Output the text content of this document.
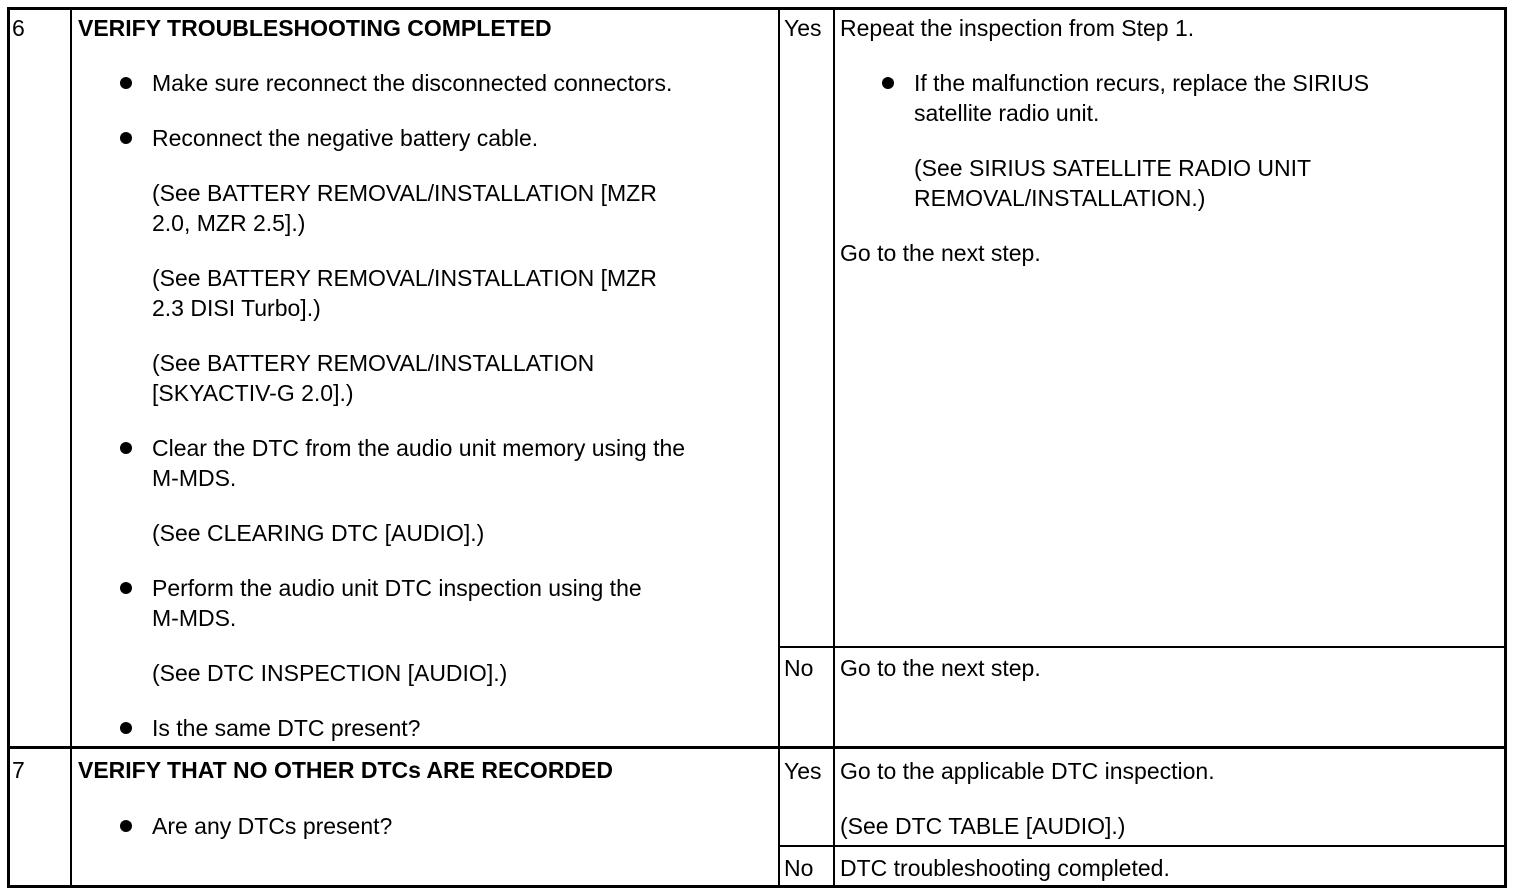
6 VERIFY TROUBLESHOOTING COMPLETED
Make sure reconnect the disconnected connectors.
Reconnect the negative battery cable.
(See BATTERY REMOVAL/INSTALLATION [MZR
2.0, MZR 2.5].)
(See BATTERY REMOVAL/INSTALLATION [MZR
2.3 DISI Turbo].)
(See BATTERY REMOVAL/INSTALLATION
[SKYACTIV-G 2.0].)
Clear the DTC from the audio unit memory using the
M-MDS.
(See CLEARING DTC [AUDIO].)
Perform the audio unit DTC inspection using the
M-MDS.
(See DTC INSPECTION [AUDIO].)
Is the same DTC present?
Yes Repeat the inspection from Step 1.
If the malfunction recurs, replace the SIRIUS
satellite radio unit.
(See SIRIUS SATELLITE RADIO UNIT
REMOVAL/INSTALLATION.)
Go to the next step.
No Go to the next step.
7 VERIFY THAT NO OTHER DTCs ARE RECORDED
Are any DTCs present?
Yes Go to the applicable DTC inspection.
(See DTC TABLE [AUDIO].)
No DTC troubleshooting completed.
